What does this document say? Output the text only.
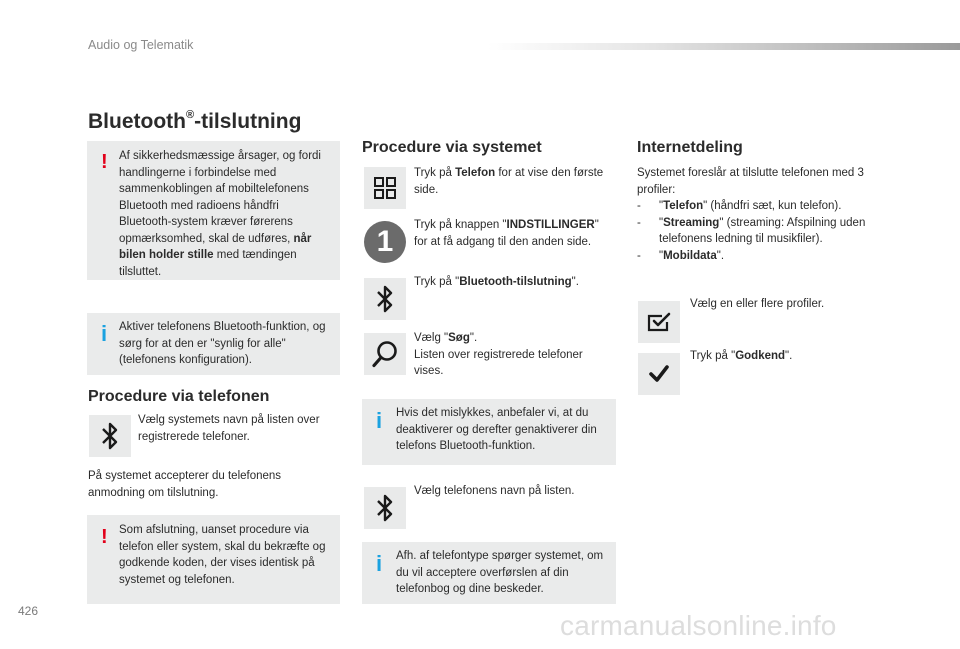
Audio og Telematik
426	carmanualsonline.info
Bluetooth®-tilslutning
! Af sikkerhedsmæssige årsager, og fordi handlingerne i forbindelse med sammenkoblingen af mobiltelefonens Bluetooth med radioens håndfri Bluetooth-system kræver førerens opmærksomhed, skal de udføres, når bilen holder stille med tændingen tilsluttet.
i Aktiver telefonens Bluetooth-funktion, og sørg for at den er "synlig for alle" (telefonens konfiguration).
Procedure via telefonen
Vælg systemets navn på listen over registrerede telefoner.
På systemet accepterer du telefonens anmodning om tilslutning.
! Som afslutning, uanset procedure via telefon eller system, skal du bekræfte og godkende koden, der vises identisk på systemet og telefonen.
Procedure via systemet
Tryk på Telefon for at vise den første side.
1	Tryk på knappen "INDSTILLINGER" for at få adgang til den anden side.
Tryk på "Bluetooth-tilslutning".
Vælg "Søg".
Listen over registrerede telefoner vises.
i Hvis det mislykkes, anbefaler vi, at du deaktiverer og derefter genaktiverer din telefons Bluetooth-funktion.
Vælg telefonens navn på listen.
i Afh. af telefontype spørger systemet, om du vil acceptere overførslen af din telefonbog og dine beskeder.
Internetdeling
Systemet foreslår at tilslutte telefonen med 3 profiler:
-	"Telefon" (håndfri sæt, kun telefon).
-	"Streaming" (streaming: Afspilning uden telefonens ledning til musikfiler).
-	"Mobildata".
Vælg en eller flere profiler.
Tryk på "Godkend".
